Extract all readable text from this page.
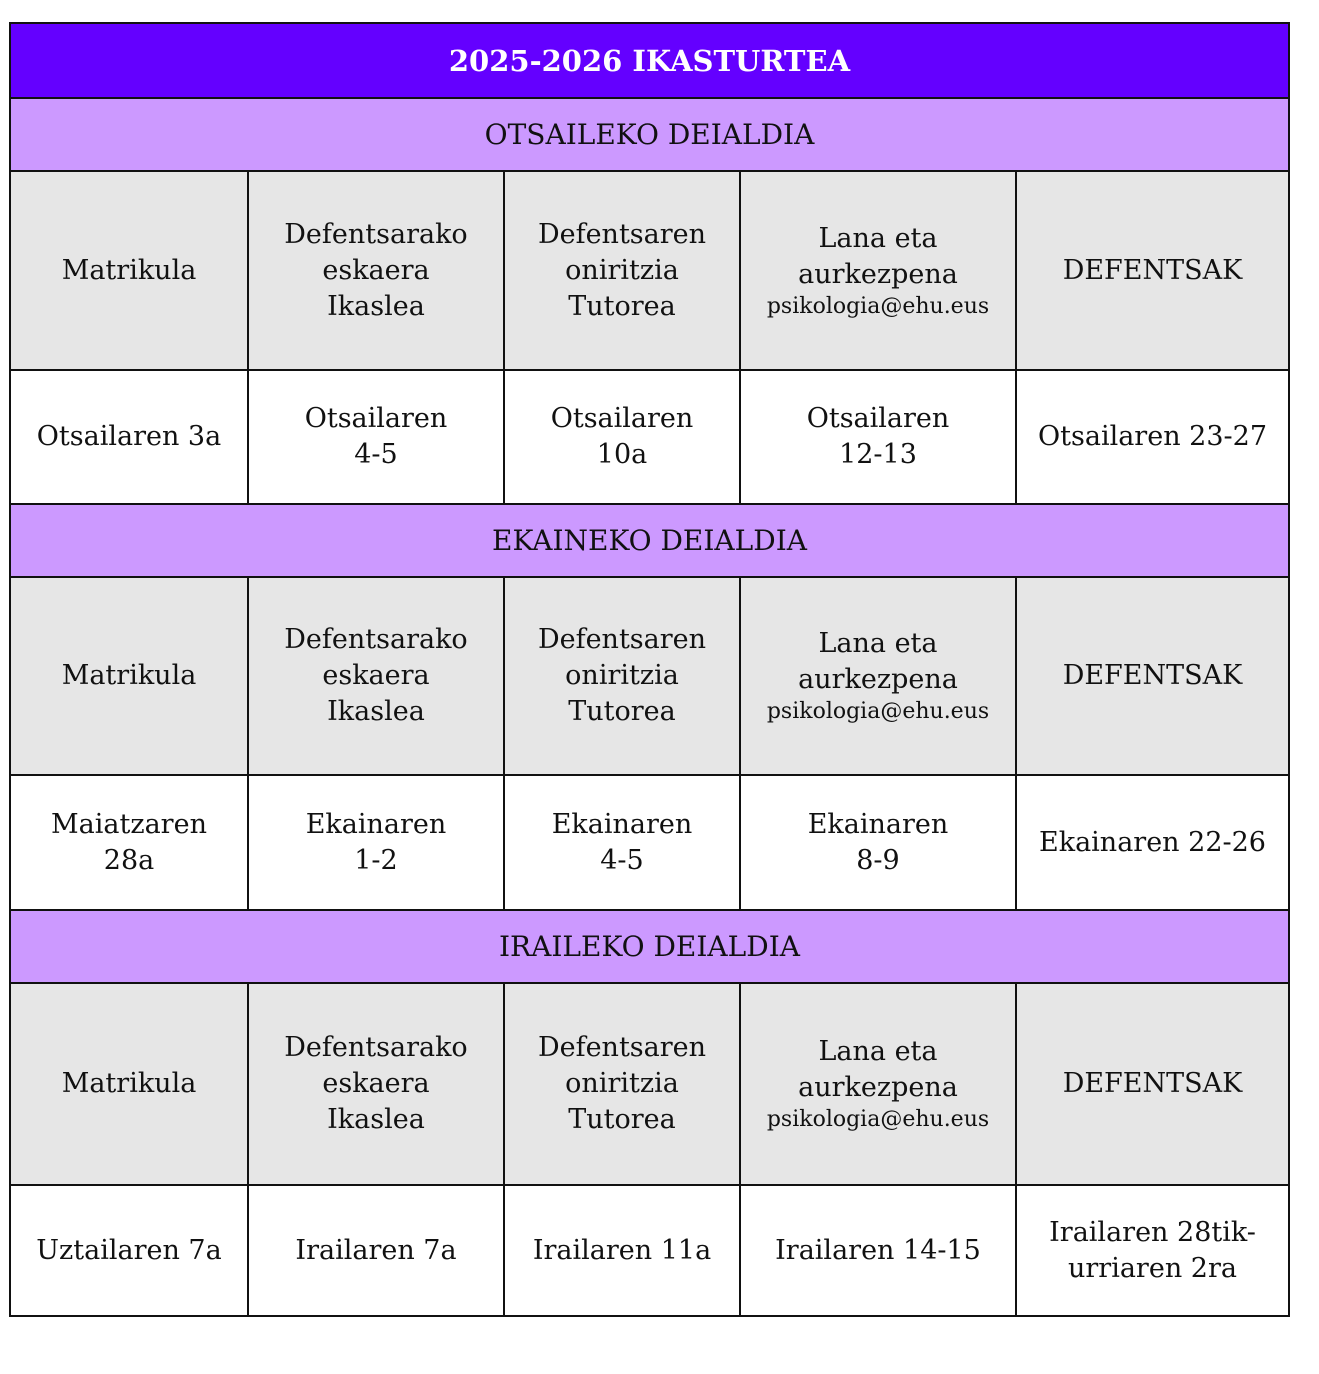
2025-2026 IKASTURTEA
OTSAILEKO DEIALDIA
Matrikula
Defentsarako
eskaera
Ikaslea
Defentsaren
oniritzia
Tutorea
Lana eta
aurkezpena
psikologia@ehu.eus
DEFENTSAK
Otsailaren 3a
Otsailaren
4-5
Otsailaren
10a
Otsailaren
12-13
Otsailaren 23-27
EKAINEKO DEIALDIA
Matrikula
Defentsarako
eskaera
Ikaslea
Defentsaren
oniritzia
Tutorea
Lana eta
aurkezpena
psikologia@ehu.eus
DEFENTSAK
Maiatzaren
28a
Ekainaren
1-2
Ekainaren
4-5
Ekainaren
8-9
Ekainaren 22-26
IRAILEKO DEIALDIA
Matrikula
Defentsarako
eskaera
Ikaslea
Defentsaren
oniritzia
Tutorea
Lana eta
aurkezpena
psikologia@ehu.eus
DEFENTSAK
Uztailaren 7a	Irailaren 7a	Irailaren 11a Irailaren 14-15
Irailaren 28tik-
urriaren 2ra
